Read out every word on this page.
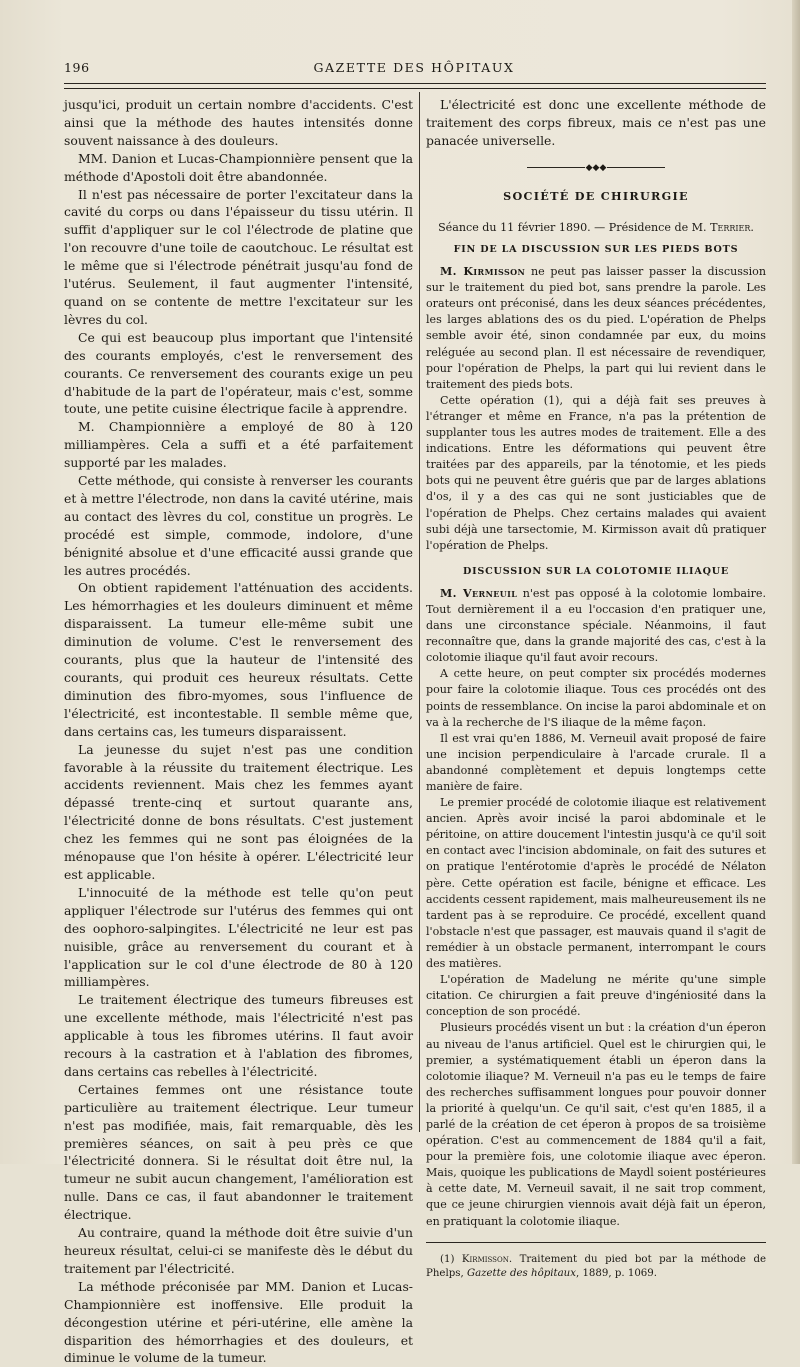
196	GAZETTE DES HÔPITAUX

jusqu'ici, produit un certain nombre d'accidents. C'est ainsi que la méthode des hautes intensités donne souvent naissance à des douleurs.

MM. Danion et Lucas-Championnière pensent que la méthode d'Apostoli doit être abandonnée.

Il n'est pas nécessaire de porter l'excitateur dans la cavité du corps ou dans l'épaisseur du tissu utérin. Il suffit d'appliquer sur le col l'électrode de platine que l'on recouvre d'une toile de caoutchouc. Le résultat est le même que si l'électrode pénétrait jusqu'au fond de l'utérus. Seulement, il faut augmenter l'intensité, quand on se contente de mettre l'excitateur sur les lèvres du col.

Ce qui est beaucoup plus important que l'intensité des courants employés, c'est le renversement des courants. Ce renversement des courants exige un peu d'habitude de la part de l'opérateur, mais c'est, somme toute, une petite cuisine électrique facile à apprendre.

M. Championnière a employé de 80 à 120 milliampères. Cela a suffi et a été parfaitement supporté par les malades.

Cette méthode, qui consiste à renverser les courants et à mettre l'électrode, non dans la cavité utérine, mais au contact des lèvres du col, constitue un progrès. Le procédé est simple, commode, indolore, d'une bénignité absolue et d'une efficacité aussi grande que les autres procédés.

On obtient rapidement l'atténuation des accidents. Les hémorrhagies et les douleurs diminuent et même disparaissent. La tumeur elle-même subit une diminution de volume. C'est le renversement des courants, plus que la hauteur de l'intensité des courants, qui produit ces heureux résultats. Cette diminution des fibro-myomes, sous l'influence de l'électricité, est incontestable. Il semble même que, dans certains cas, les tumeurs disparaissent.

La jeunesse du sujet n'est pas une condition favorable à la réussite du traitement électrique. Les accidents reviennent. Mais chez les femmes ayant dépassé trente-cinq et surtout quarante ans, l'électricité donne de bons résultats. C'est justement chez les femmes qui ne sont pas éloignées de la ménopause que l'on hésite à opérer. L'électricité leur est applicable.

L'innocuité de la méthode est telle qu'on peut appliquer l'électrode sur l'utérus des femmes qui ont des oophoro-salpingites. L'électricité ne leur est pas nuisible, grâce au renversement du courant et à l'application sur le col d'une électrode de 80 à 120 milliampères.

Le traitement électrique des tumeurs fibreuses est une excellente méthode, mais l'électricité n'est pas applicable à tous les fibromes utérins. Il faut avoir recours à la castration et à l'ablation des fibromes, dans certains cas rebelles à l'électricité.

Certaines femmes ont une résistance toute particulière au traitement électrique. Leur tumeur n'est pas modifiée, mais, fait remarquable, dès les premières séances, on sait à peu près ce que l'électricité donnera. Si le résultat doit être nul, la tumeur ne subit aucun changement, l'amélioration est nulle. Dans ce cas, il faut abandonner le traitement électrique.

Au contraire, quand la méthode doit être suivie d'un heureux résultat, celui-ci se manifeste dès le début du traitement par l'électricité.

La méthode préconisée par MM. Danion et Lucas-Championnière est inoffensive. Elle produit la décongestion utérine et péri-utérine, elle amène la disparition des hémorrhagies et des douleurs, et diminue le volume de la tumeur.

L'électricité est donc une excellente méthode de traitement des corps fibreux, mais ce n'est pas une panacée universelle.

◆◆◆
SOCIÉTÉ DE CHIRURGIE

Séance du 11 février 1890. — Présidence de M. Terrier.

FIN DE LA DISCUSSION SUR LES PIEDS BOTS

M. Kirmisson ne peut pas laisser passer la discussion sur le traitement du pied bot, sans prendre la parole. Les orateurs ont préconisé, dans les deux séances précédentes, les larges ablations des os du pied. L'opération de Phelps semble avoir été, sinon condamnée par eux, du moins reléguée au second plan. Il est nécessaire de revendiquer, pour l'opération de Phelps, la part qui lui revient dans le traitement des pieds bots.

Cette opération (1), qui a déjà fait ses preuves à l'étranger et même en France, n'a pas la prétention de supplanter tous les autres modes de traitement. Elle a des indications. Entre les déformations qui peuvent être traitées par des appareils, par la ténotomie, et les pieds bots qui ne peuvent être guéris que par de larges ablations d'os, il y a des cas qui ne sont justiciables que de l'opération de Phelps. Chez certains malades qui avaient subi déjà une tarsectomie, M. Kirmisson avait dû pratiquer l'opération de Phelps.

DISCUSSION SUR LA COLOTOMIE ILIAQUE

M. Verneuil n'est pas opposé à la colotomie lombaire. Tout dernièrement il a eu l'occasion d'en pratiquer une, dans une circonstance spéciale. Néanmoins, il faut reconnaître que, dans la grande majorité des cas, c'est à la colotomie iliaque qu'il faut avoir recours.

A cette heure, on peut compter six procédés modernes pour faire la colotomie iliaque. Tous ces procédés ont des points de ressemblance. On incise la paroi abdominale et on va à la recherche de l'S iliaque de la même façon.

Il est vrai qu'en 1886, M. Verneuil avait proposé de faire une incision perpendiculaire à l'arcade crurale. Il a abandonné complètement et depuis longtemps cette manière de faire.

Le premier procédé de colotomie iliaque est relativement ancien. Après avoir incisé la paroi abdominale et le péritoine, on attire doucement l'intestin jusqu'à ce qu'il soit en contact avec l'incision abdominale, on fait des sutures et on pratique l'entérotomie d'après le procédé de Nélaton père. Cette opération est facile, bénigne et efficace. Les accidents cessent rapidement, mais malheureusement ils ne tardent pas à se reproduire. Ce procédé, excellent quand l'obstacle n'est que passager, est mauvais quand il s'agit de remédier à un obstacle permanent, interrompant le cours des matières.

L'opération de Madelung ne mérite qu'une simple citation. Ce chirurgien a fait preuve d'ingéniosité dans la conception de son procédé.

Plusieurs procédés visent un but : la création d'un éperon au niveau de l'anus artificiel. Quel est le chirurgien qui, le premier, a systématiquement établi un éperon dans la colotomie iliaque? M. Verneuil n'a pas eu le temps de faire des recherches suffisamment longues pour pouvoir donner la priorité à quelqu'un. Ce qu'il sait, c'est qu'en 1885, il a parlé de la création de cet éperon à propos de sa troisième opération. C'est au commencement de 1884 qu'il a fait, pour la première fois, une colotomie iliaque avec éperon. Mais, quoique les publications de Maydl soient postérieures à cette date, M. Verneuil savait, il ne sait trop comment, que ce jeune chirurgien viennois avait déjà fait un éperon, en pratiquant la colotomie iliaque.

(1) Kirmisson. Traitement du pied bot par la méthode de Phelps, Gazette des hôpitaux, 1889, p. 1069.
